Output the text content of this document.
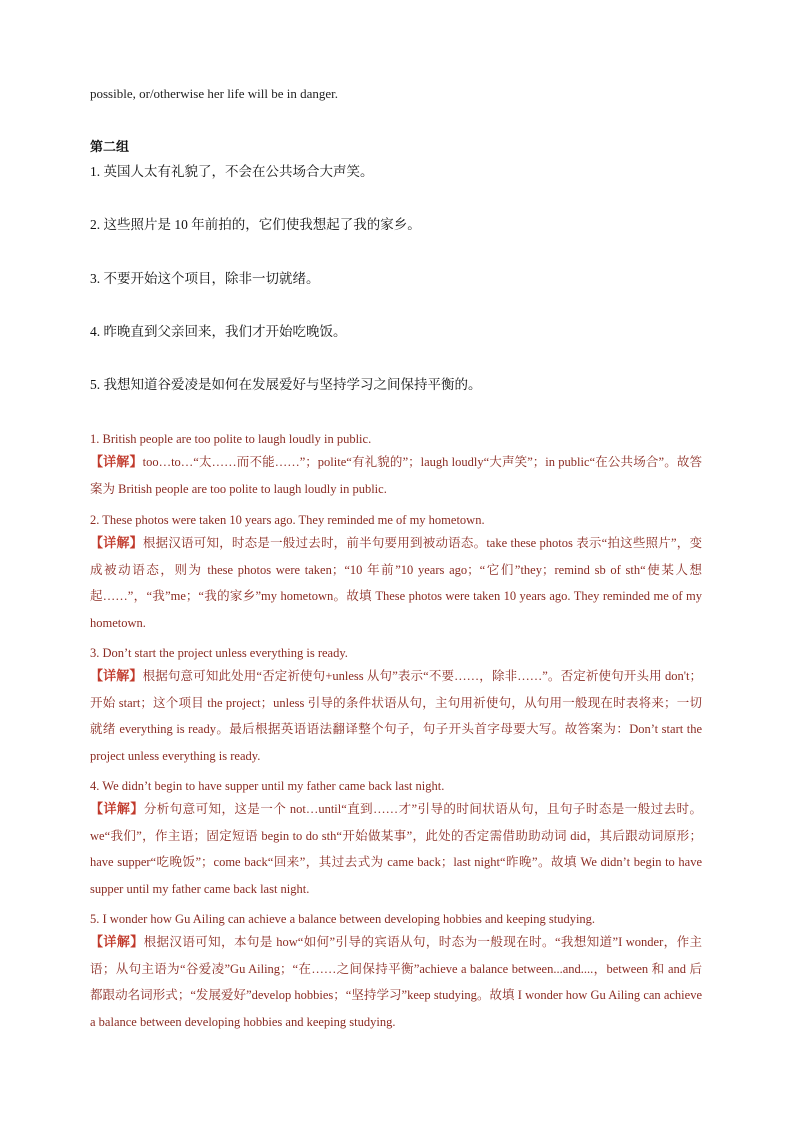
possible, or/otherwise her life will be in danger.
第二组
1. 英国人太有礼貌了，不会在公共场合大声笑。
2. 这些照片是 10 年前拍的，它们使我想起了我的家乡。
3. 不要开始这个项目，除非一切就绪。
4. 昨晚直到父亲回来，我们才开始吃晚饭。
5. 我想知道谷爱凌是如何在发展爱好与坚持学习之间保持平衡的。
1. British people are too polite to laugh loudly in public.
【详解】too…to…“太……而不能……”；polite“有礼貌的”；laugh loudly“大声笑”；in public“在公共场合”。故答案为 British people are too polite to laugh loudly in public.
2. These photos were taken 10 years ago. They reminded me of my hometown.
【详解】根据汉语可知，时态是一般过去时，前半句要用到被动语态。take these photos 表示“拍这些照片”，变成被动语态，则为 these photos were taken；“10 年前”10 years ago；“它们”they；remind sb of sth“使某人想起……”，“我”me；“我的家乡”my hometown。故填 These photos were taken 10 years ago. They reminded me of my hometown.
3. Don’t start the project unless everything is ready.
【详解】根据句意可知此处用“否定祈使句+unless 从句”表示“不要……，除非……”。否定祈使句开头用 don't；开始 start；这个项目 the project；unless 引导的条件状语从句，主句用祈使句，从句用一般现在时表将来；一切就绪 everything is ready。最后根据英语语法翻译整个句子，句子开头首字母要大写。故答案为：Don’t start the project unless everything is ready.
4. We didn’t begin to have supper until my father came back last night.
【详解】分析句意可知，这是一个 not…until“直到……才”引导的时间状语从句，且句子时态是一般过去时。we“我们”，作主语；固定短语 begin to do sth“开始做某事”，此处的否定需借助助动词 did，其后跟动词原形；have supper“吃晚饭”；come back“回来”，其过去式为 came back；last night“昨晚”。故填 We didn’t begin to have supper until my father came back last night.
5. I wonder how Gu Ailing can achieve a balance between developing hobbies and keeping studying.
【详解】根据汉语可知，本句是 how“如何”引导的宾语从句，时态为一般现在时。“我想知道”I wonder，作主语；从句主语为“谷爱凌”Gu Ailing；“在……之间保持平衡”achieve a balance between...and....，between 和 and 后都跟动名词形式；“发展爱好”develop hobbies；“坚持学习”keep studying。故填 I wonder how Gu Ailing can achieve a balance between developing hobbies and keeping studying.
